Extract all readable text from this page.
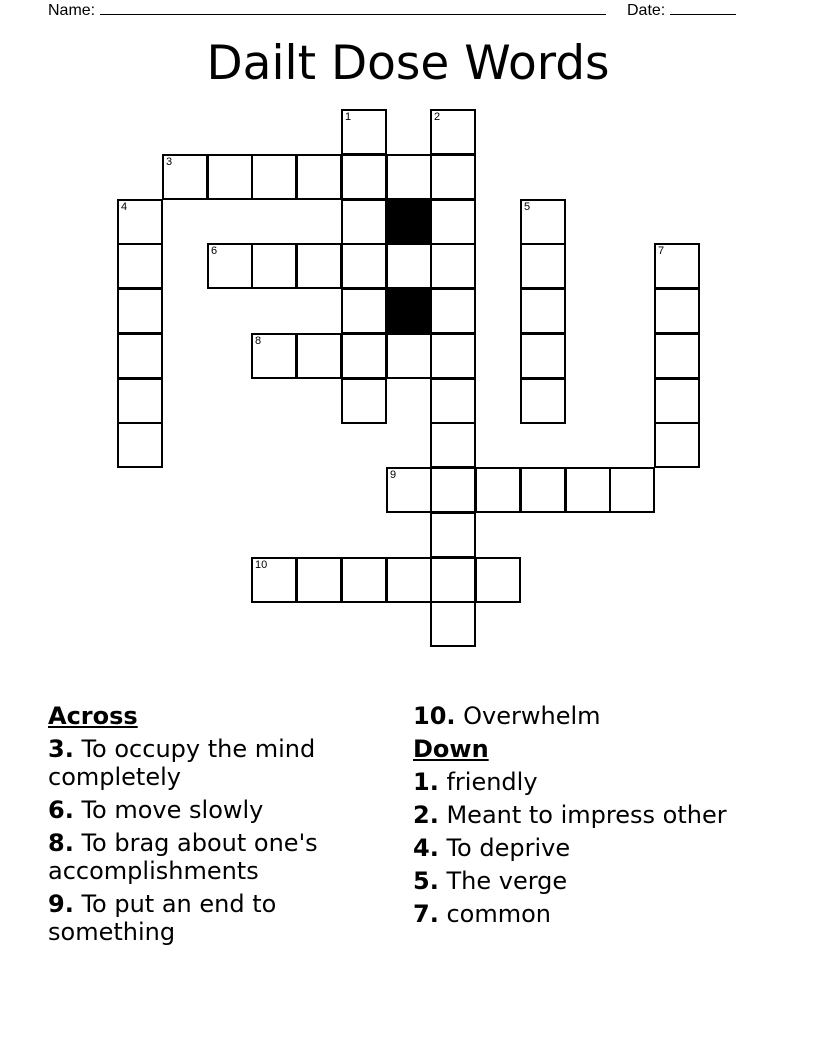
Name:	Date:
Dailt Dose Words
1	2
3
4	5
6	7
8
9
10
Across
3. To occupy the mind completely
6. To move slowly
8. To brag about one's accomplishments
9. To put an end to something
10. Overwhelm
Down
1. friendly
2. Meant to impress other
4. To deprive
5. The verge
7. common
